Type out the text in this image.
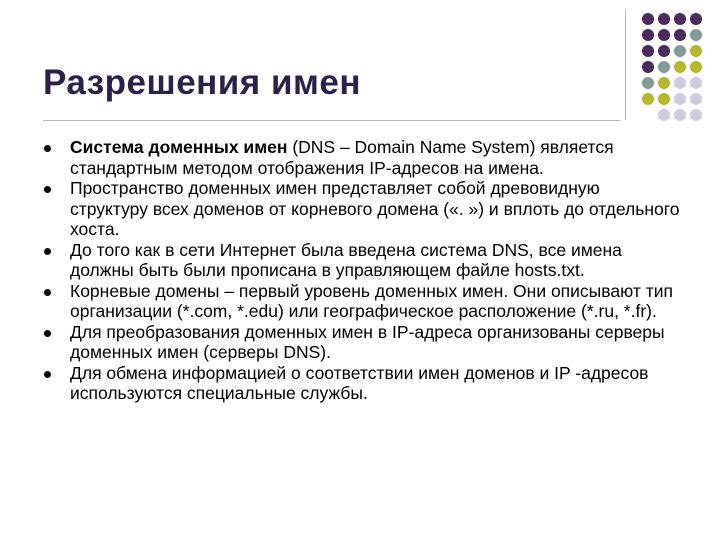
Разрешения имен
Система доменных имен (DNS – Domain Name System) является стандартным методом отображения IP-адресов на имена.
Пространство доменных имен представляет собой древовидную структуру всех доменов от корневого домена («. ») и вплоть до отдельного хоста.
До того как в сети Интернет была введена система DNS, все имена должны быть были прописана в управляющем файле hosts.txt.
Корневые домены – первый уровень доменных имен. Они описывают тип организации (*.com, *.edu) или географическое расположение (*.ru, *.fr).
Для преобразования доменных имен в IP-адреса организованы серверы доменных имен (серверы DNS).
Для обмена информацией о соответствии имен доменов и IP -адресов используются специальные службы.
